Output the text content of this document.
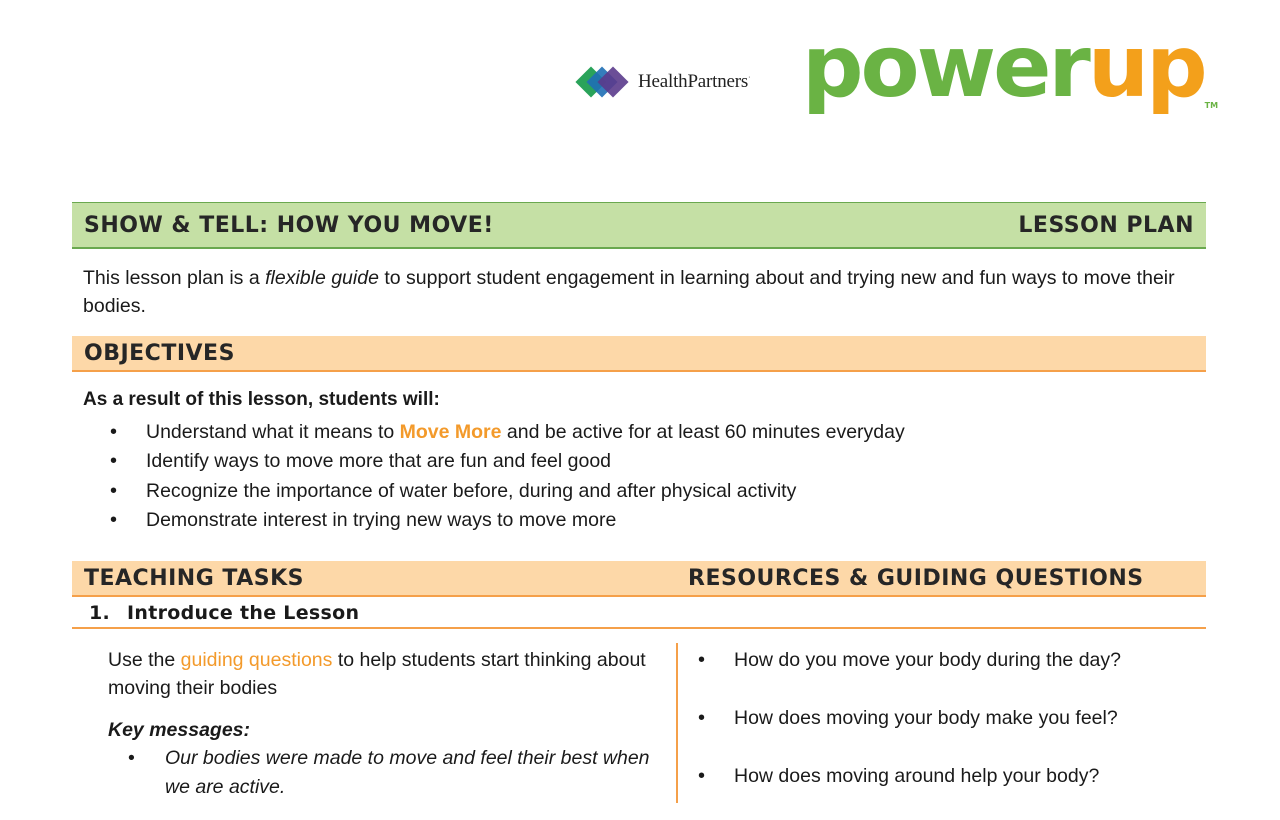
HealthPartners· powerupTM
SHOW & TELL: HOW YOU MOVE!	LESSON PLAN
This lesson plan is a flexible guide to support student engagement in learning about and trying new and fun ways to move their bodies.
OBJECTIVES
As a result of this lesson, students will:
• Understand what it means to Move More and be active for at least 60 minutes everyday
• Identify ways to move more that are fun and feel good
• Recognize the importance of water before, during and after physical activity
• Demonstrate interest in trying new ways to move more
TEACHING TASKS	RESOURCES & GUIDING QUESTIONS
1. Introduce the Lesson

Use the guiding questions to help students start thinking about moving their bodies

Key messages:

• Our bodies were made to move and feel their best when we are active.
• How do you move your body during the day?
• How does moving your body make you feel?
• How does moving around help your body?
